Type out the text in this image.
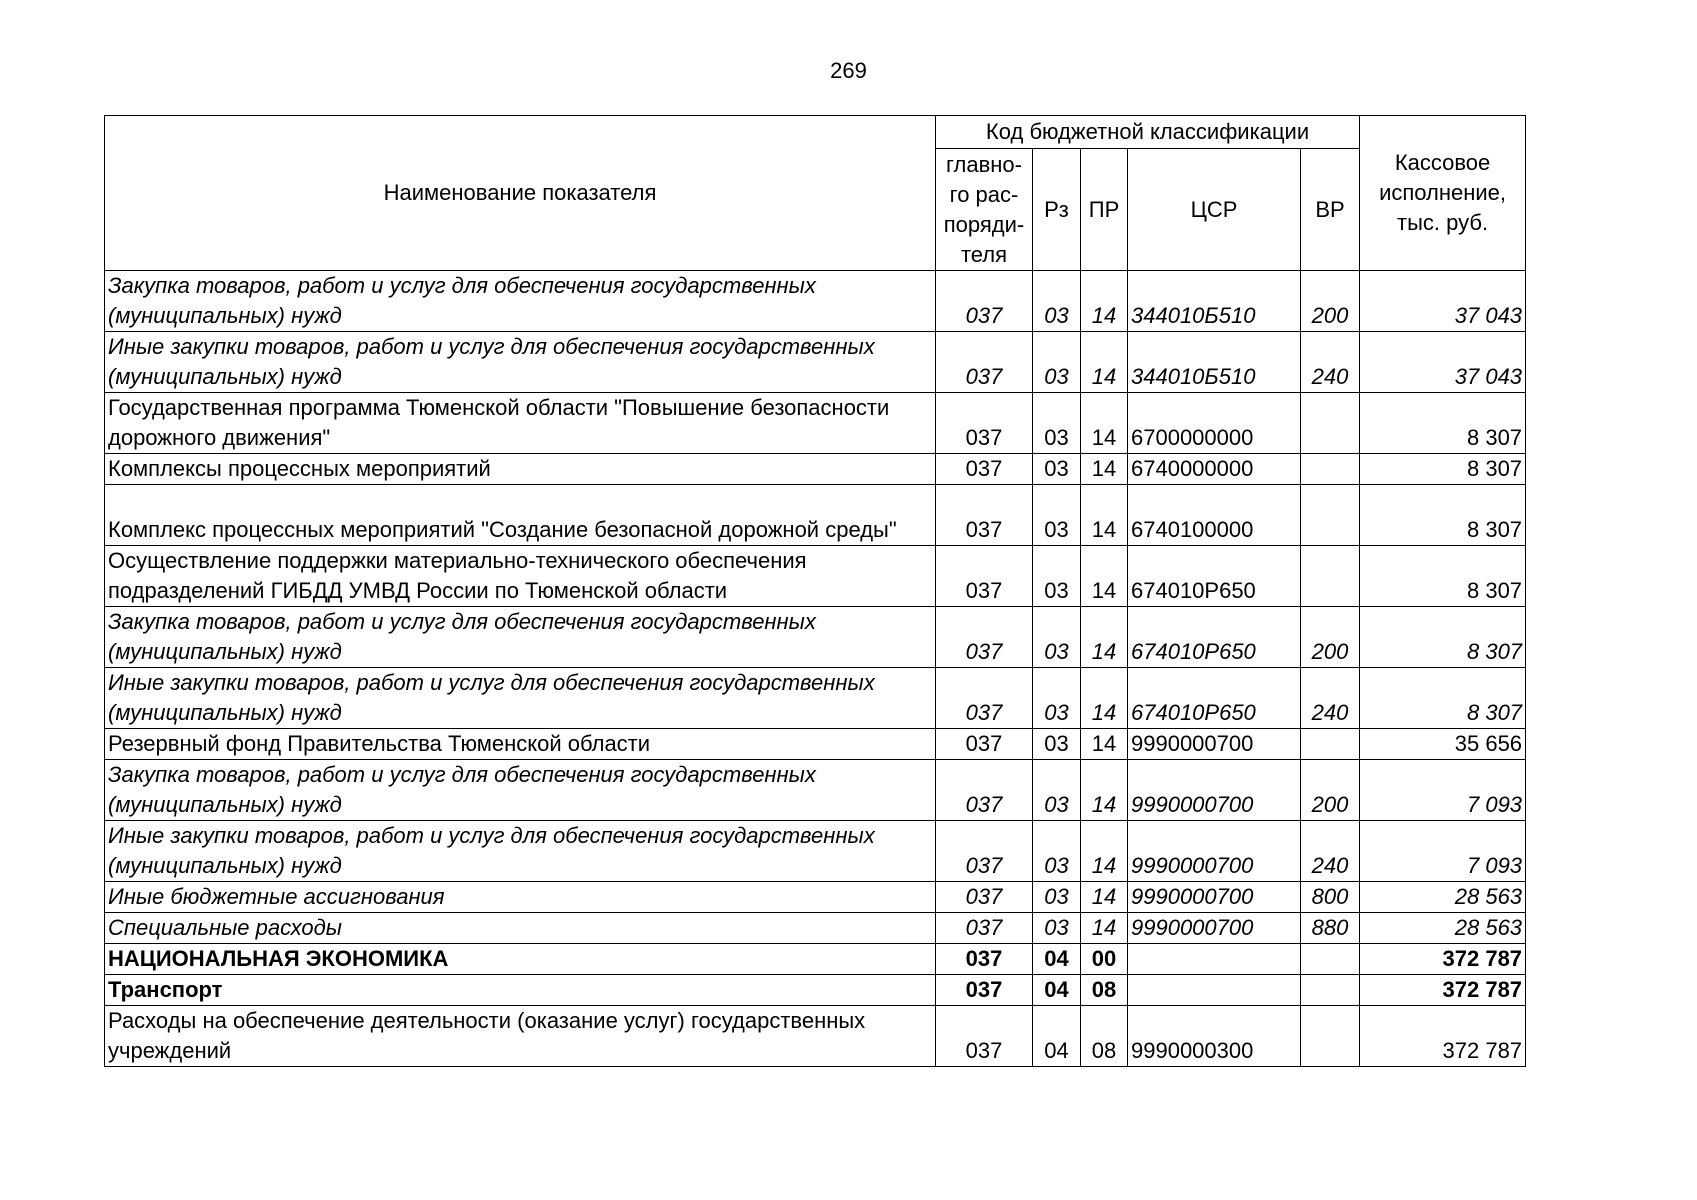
269
Наименование показателя	Код бюджетной классификации					Кассовое исполнение, тыс. руб.
	главно-го рас-поряди-теля	Рз	ПР	ЦСР	ВР	
Закупка товаров, работ и услуг для обеспечения государственных (муниципальных) нужд	037	03	14	344010Б510	200	37 043
Иные закупки товаров, работ и услуг для обеспечения государственных (муниципальных) нужд	037	03	14	344010Б510	240	37 043
Государственная программа Тюменской области "Повышение безопасности дорожного движения"	037	03	14	6700000000		8 307
Комплексы процессных мероприятий	037	03	14	6740000000		8 307
Комплекс процессных мероприятий "Создание безопасной дорожной среды"	037	03	14	6740100000		8 307
Осуществление поддержки материально-технического обеспечения подразделений ГИБДД УМВД России по Тюменской области	037	03	14	674010Р650		8 307
Закупка товаров, работ и услуг для обеспечения государственных (муниципальных) нужд	037	03	14	674010Р650	200	8 307
Иные закупки товаров, работ и услуг для обеспечения государственных (муниципальных) нужд	037	03	14	674010Р650	240	8 307
Резервный фонд Правительства Тюменской области	037	03	14	9990000700		35 656
Закупка товаров, работ и услуг для обеспечения государственных (муниципальных) нужд	037	03	14	9990000700	200	7 093
Иные закупки товаров, работ и услуг для обеспечения государственных (муниципальных) нужд	037	03	14	9990000700	240	7 093
Иные бюджетные ассигнования	037	03	14	9990000700	800	28 563
Специальные расходы	037	03	14	9990000700	880	28 563
НАЦИОНАЛЬНАЯ ЭКОНОМИКА	037	04	00			372 787
Транспорт	037	04	08			372 787
Расходы на обеспечение деятельности (оказание услуг) государственных учреждений	037	04	08	9990000300		372 787
